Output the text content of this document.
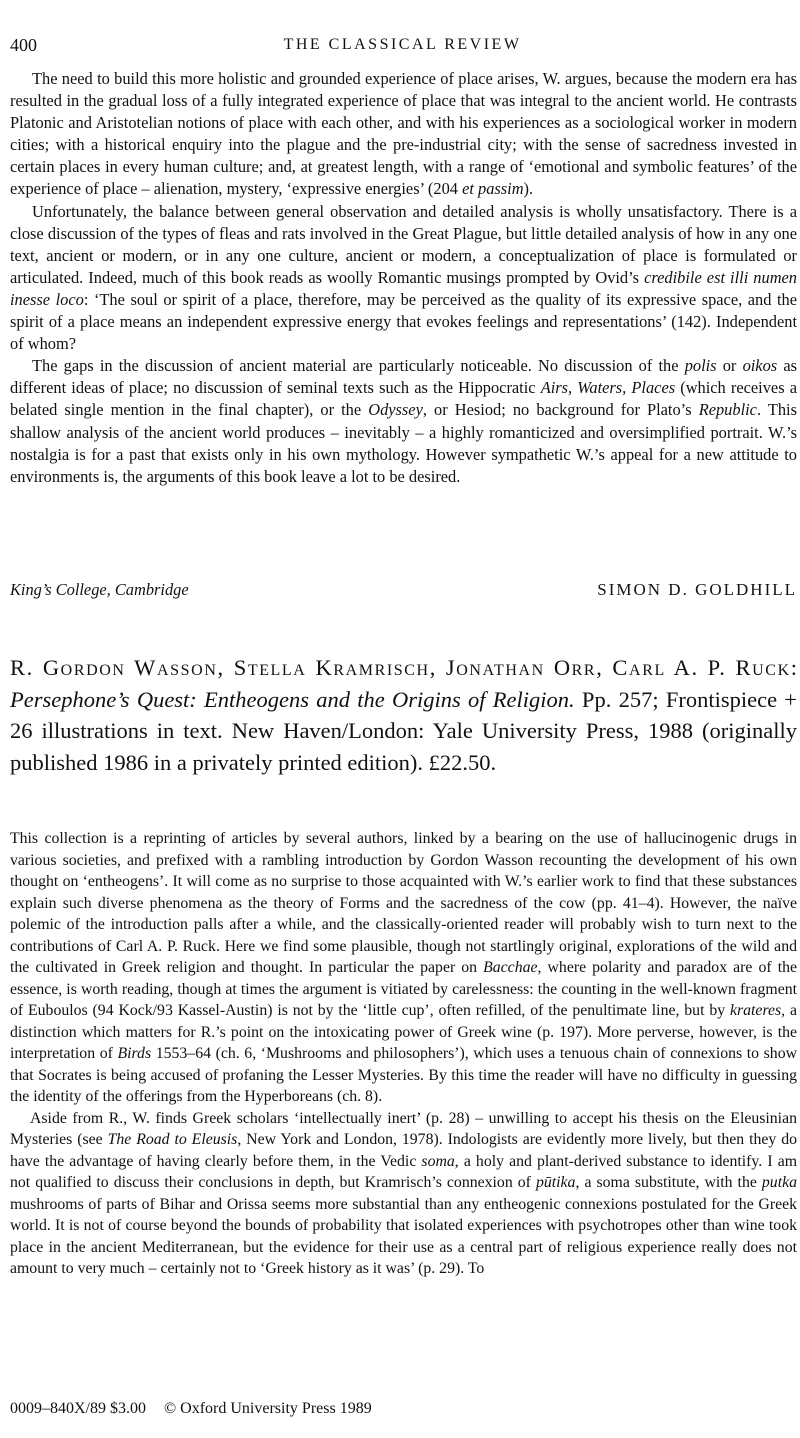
400	THE CLASSICAL REVIEW

The need to build this more holistic and grounded experience of place arises, W. argues, because the modern era has resulted in the gradual loss of a fully integrated experience of place that was integral to the ancient world. He contrasts Platonic and Aristotelian notions of place with each other, and with his experiences as a sociological worker in modern cities; with a historical enquiry into the plague and the pre-industrial city; with the sense of sacredness invested in certain places in every human culture; and, at greatest length, with a range of ‘emotional and symbolic features’ of the experience of place – alienation, mystery, ‘expressive energies’ (204 et passim).

Unfortunately, the balance between general observation and detailed analysis is wholly unsatisfactory. There is a close discussion of the types of fleas and rats involved in the Great Plague, but little detailed analysis of how in any one text, ancient or modern, or in any one culture, ancient or modern, a conceptualization of place is formulated or articulated. Indeed, much of this book reads as woolly Romantic musings prompted by Ovid’s credibile est illi numen inesse loco: ‘The soul or spirit of a place, therefore, may be perceived as the quality of its expressive space, and the spirit of a place means an independent expressive energy that evokes feelings and representations’ (142). Independent of whom?

The gaps in the discussion of ancient material are particularly noticeable. No discussion of the polis or oikos as different ideas of place; no discussion of seminal texts such as the Hippocratic Airs, Waters, Places (which receives a belated single mention in the final chapter), or the Odyssey, or Hesiod; no background for Plato’s Republic. This shallow analysis of the ancient world produces – inevitably – a highly romanticized and oversimplified portrait. W.’s nostalgia is for a past that exists only in his own mythology. However sympathetic W.’s appeal for a new attitude to environments is, the arguments of this book leave a lot to be desired.

King’s College, Cambridge	SIMON D. GOLDHILL

R. Gordon Wasson, Stella Kramrisch, Jonathan Orr, Carl A. P. Ruck: Persephone’s Quest: Entheogens and the Origins of Religion. Pp. 257; Frontispiece + 26 illustrations in text. New Haven/London: Yale University Press, 1988 (originally published 1986 in a privately printed edition). £22.50.

This collection is a reprinting of articles by several authors, linked by a bearing on the use of hallucinogenic drugs in various societies, and prefixed with a rambling introduction by Gordon Wasson recounting the development of his own thought on ‘entheogens’. It will come as no surprise to those acquainted with W.’s earlier work to find that these substances explain such diverse phenomena as the theory of Forms and the sacredness of the cow (pp. 41–4). However, the naïve polemic of the introduction palls after a while, and the classically-oriented reader will probably wish to turn next to the contributions of Carl A. P. Ruck. Here we find some plausible, though not startlingly original, explorations of the wild and the cultivated in Greek religion and thought. In particular the paper on Bacchae, where polarity and paradox are of the essence, is worth reading, though at times the argument is vitiated by carelessness: the counting in the well-known fragment of Euboulos (94 Kock/93 Kassel-Austin) is not by the ‘little cup’, often refilled, of the penultimate line, but by krateres, a distinction which matters for R.’s point on the intoxicating power of Greek wine (p. 197). More perverse, however, is the interpretation of Birds 1553–64 (ch. 6, ‘Mushrooms and philosophers’), which uses a tenuous chain of connexions to show that Socrates is being accused of profaning the Lesser Mysteries. By this time the reader will have no difficulty in guessing the identity of the offerings from the Hyperboreans (ch. 8).

Aside from R., W. finds Greek scholars ‘intellectually inert’ (p. 28) – unwilling to accept his thesis on the Eleusinian Mysteries (see The Road to Eleusis, New York and London, 1978). Indologists are evidently more lively, but then they do have the advantage of having clearly before them, in the Vedic soma, a holy and plant-derived substance to identify. I am not qualified to discuss their conclusions in depth, but Kramrisch’s connexion of pūtika, a soma substitute, with the putka mushrooms of parts of Bihar and Orissa seems more substantial than any entheogenic connexions postulated for the Greek world. It is not of course beyond the bounds of probability that isolated experiences with psychotropes other than wine took place in the ancient Mediterranean, but the evidence for their use as a central part of religious experience really does not amount to very much – certainly not to ‘Greek history as it was’ (p. 29). To

0009–840X/89 $3.00 © Oxford University Press 1989
